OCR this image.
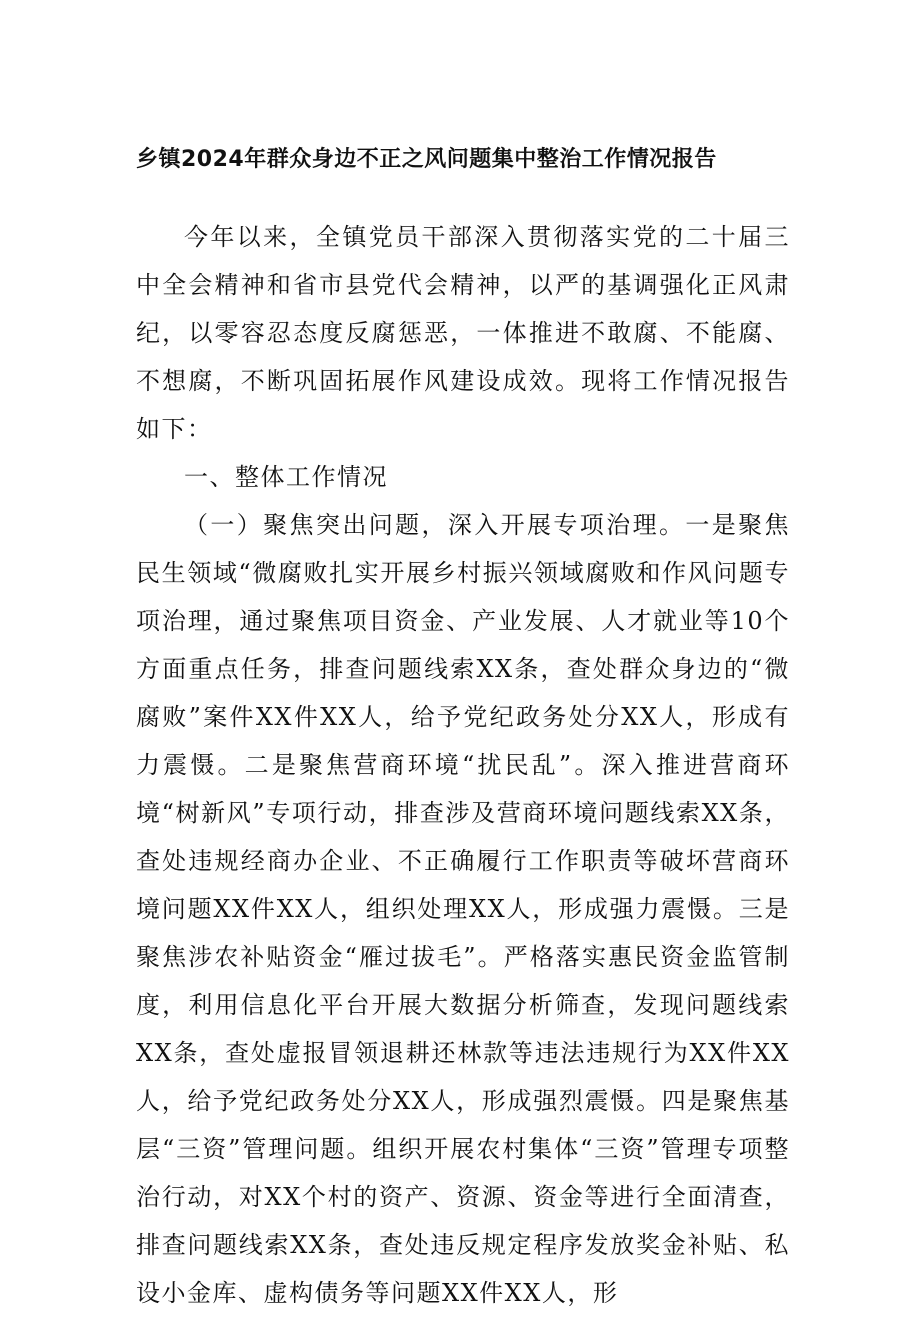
乡镇2024年群众身边不正之风问题集中整治工作情况报告

今年以来，全镇党员干部深入贯彻落实党的二十届三中全会精神和省市县党代会精神，以严的基调强化正风肃纪，以零容忍态度反腐惩恶，一体推进不敢腐、不能腐、不想腐，不断巩固拓展作风建设成效。现将工作情况报告如下：

一、整体工作情况

（一）聚焦突出问题，深入开展专项治理。一是聚焦民生领域“微腐败扎实开展乡村振兴领域腐败和作风问题专项治理，通过聚焦项目资金、产业发展、人才就业等10个方面重点任务，排查问题线索XX条，查处群众身边的“微腐败”案件XX件XX人，给予党纪政务处分XX人，形成有力震慑。二是聚焦营商环境“扰民乱”。深入推进营商环境“树新风”专项行动，排查涉及营商环境问题线索XX条，查处违规经商办企业、不正确履行工作职责等破坏营商环境问题XX件XX人，组织处理XX人，形成强力震慑。三是聚焦涉农补贴资金“雁过拔毛”。严格落实惠民资金监管制度，利用信息化平台开展大数据分析筛查，发现问题线索XX条，查处虚报冒领退耕还林款等违法违规行为XX件XX人，给予党纪政务处分XX人，形成强烈震慑。四是聚焦基层“三资”管理问题。组织开展农村集体“三资”管理专项整治行动，对XX个村的资产、资源、资金等进行全面清查，排查问题线索XX条，查处违反规定程序发放奖金补贴、私设小金库、虚构债务等问题XX件XX人，形
